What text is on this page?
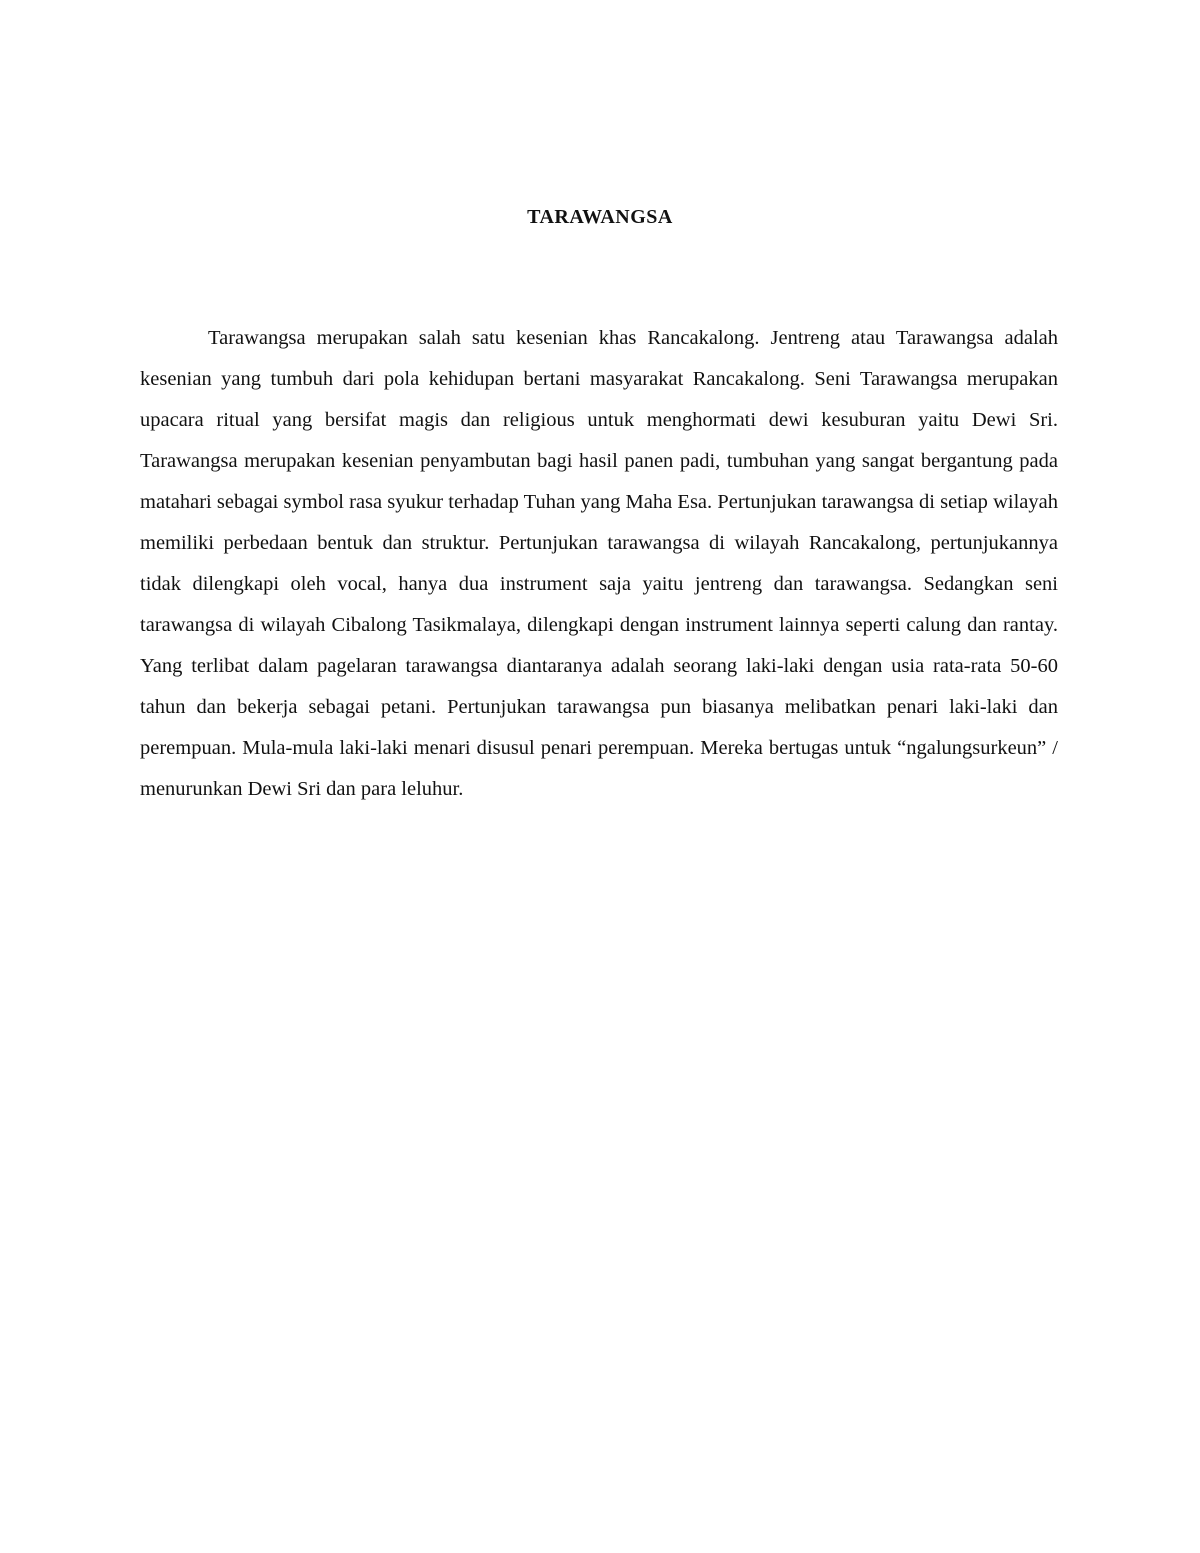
TARAWANGSA

Tarawangsa merupakan salah satu kesenian khas Rancakalong. Jentreng atau Tarawangsa adalah kesenian yang tumbuh dari pola kehidupan bertani masyarakat Rancakalong. Seni Tarawangsa merupakan upacara ritual yang bersifat magis dan religious untuk menghormati dewi kesuburan yaitu Dewi Sri. Tarawangsa merupakan kesenian penyambutan bagi hasil panen padi, tumbuhan yang sangat bergantung pada matahari sebagai symbol rasa syukur terhadap Tuhan yang Maha Esa. Pertunjukan tarawangsa di setiap wilayah memiliki perbedaan bentuk dan struktur. Pertunjukan tarawangsa di wilayah Rancakalong, pertunjukannya tidak dilengkapi oleh vocal, hanya dua instrument saja yaitu jentreng dan tarawangsa. Sedangkan seni tarawangsa di wilayah Cibalong Tasikmalaya, dilengkapi dengan instrument lainnya seperti calung dan rantay. Yang terlibat dalam pagelaran tarawangsa diantaranya adalah seorang laki-laki dengan usia rata-rata 50-60 tahun dan bekerja sebagai petani. Pertunjukan tarawangsa pun biasanya melibatkan penari laki-laki dan perempuan. Mula-mula laki-laki menari disusul penari perempuan. Mereka bertugas untuk “ngalungsurkeun” / menurunkan Dewi Sri dan para leluhur.
